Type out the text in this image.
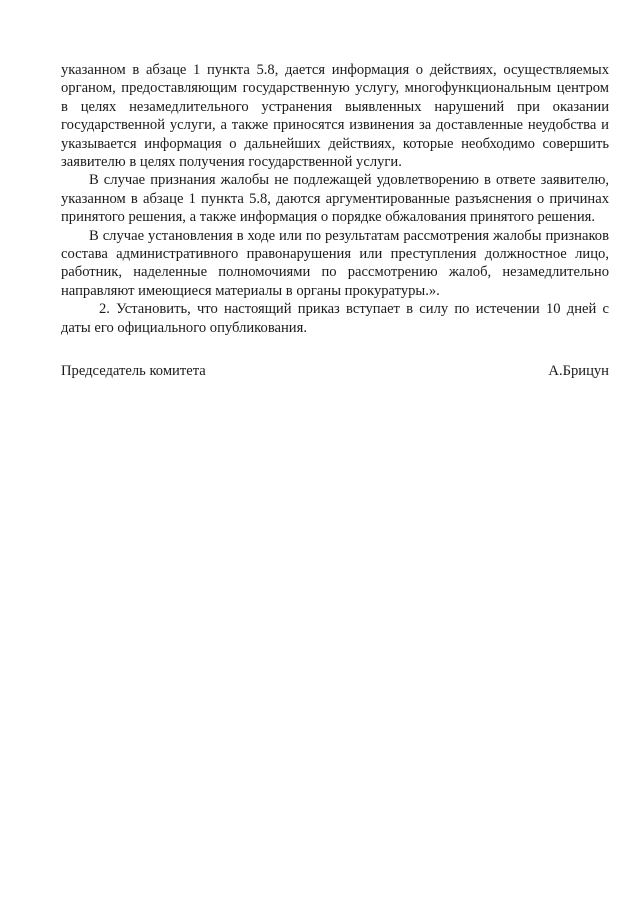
указанном в абзаце 1 пункта 5.8, дается информация о действиях, осуществляемых органом, предоставляющим государственную услугу, многофункциональным центром в целях незамедлительного устранения выявленных нарушений при оказании государственной услуги, а также приносятся извинения за доставленные неудобства и указывается информация о дальнейших действиях, которые необходимо совершить заявителю в целях получения государственной услуги.

В случае признания жалобы не подлежащей удовлетворению в ответе заявителю, указанном в абзаце 1 пункта 5.8, даются аргументированные разъяснения о причинах принятого решения, а также информация о порядке обжалования принятого решения.

В случае установления в ходе или по результатам рассмотрения жалобы признаков состава административного правонарушения или преступления должностное лицо, работник, наделенные полномочиями по рассмотрению жалоб, незамедлительно направляют имеющиеся материалы в органы прокуратуры.».

2. Установить, что настоящий приказ вступает в силу по истечении 10 дней с даты его официального опубликования.

Председатель комитета	А.Брицун
